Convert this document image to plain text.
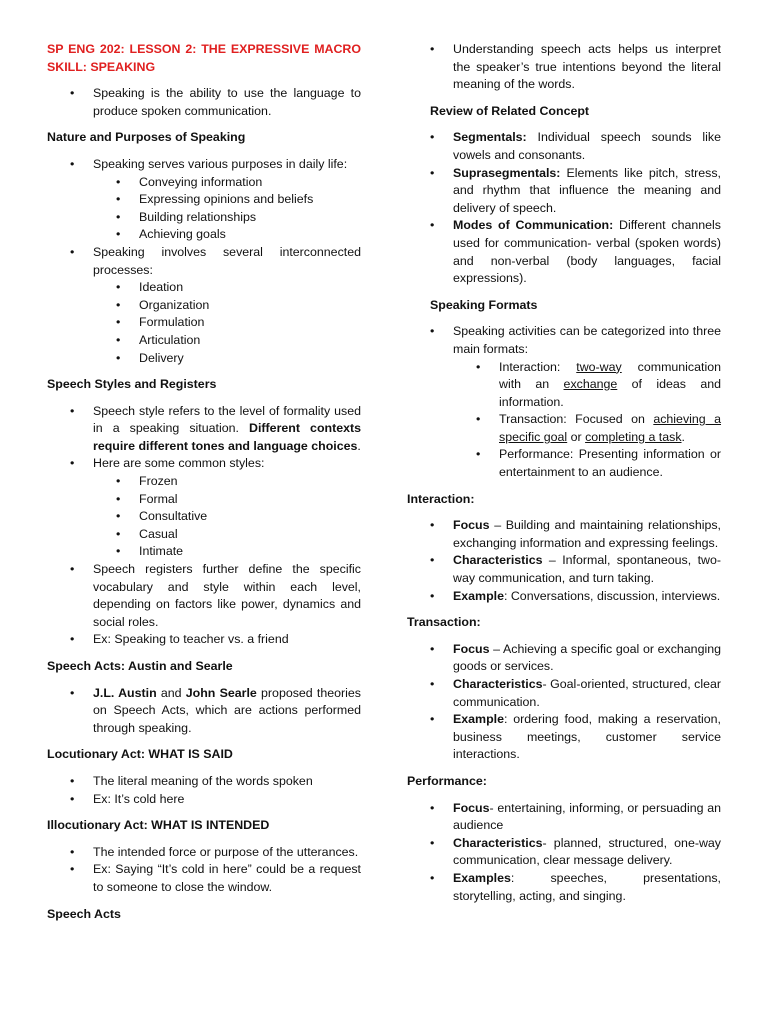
SP ENG 202: LESSON 2: THE EXPRESSIVE MACRO SKILL: SPEAKING

• Speaking is the ability to use the language to produce spoken communication.

Nature and Purposes of Speaking

• Speaking serves various purposes in daily life:
• Conveying information
• Expressing opinions and beliefs
• Building relationships
• Achieving goals
• Speaking involves several interconnected processes:
• Ideation
• Organization
• Formulation
• Articulation
• Delivery

Speech Styles and Registers

• Speech style refers to the level of formality used in a speaking situation. Different contexts require different tones and language choices.
• Here are some common styles:
• Frozen
• Formal
• Consultative
• Casual
• Intimate
• Speech registers further define the specific vocabulary and style within each level, depending on factors like power, dynamics and social roles.
• Ex: Speaking to teacher vs. a friend

Speech Acts: Austin and Searle

• J.L. Austin and John Searle proposed theories on Speech Acts, which are actions performed through speaking.

Locutionary Act: WHAT IS SAID

• The literal meaning of the words spoken
• Ex: It’s cold here

Illocutionary Act: WHAT IS INTENDED

• The intended force or purpose of the utterances.
• Ex: Saying “It’s cold in here” could be a request to someone to close the window.

Speech Acts

• Understanding speech acts helps us interpret the speaker’s true intentions beyond the literal meaning of the words.

Review of Related Concept

• Segmentals: Individual speech sounds like vowels and consonants.
• Suprasegmentals: Elements like pitch, stress, and rhythm that influence the meaning and delivery of speech.
• Modes of Communication: Different channels used for communication- verbal (spoken words) and non-verbal (body languages, facial expressions).

Speaking Formats

• Speaking activities can be categorized into three main formats:
• Interaction: two-way communication with an exchange of ideas and information.
• Transaction: Focused on achieving a specific goal or completing a task.
• Performance: Presenting information or entertainment to an audience.

Interaction:

• Focus – Building and maintaining relationships, exchanging information and expressing feelings.
• Characteristics – Informal, spontaneous, two-way communication, and turn taking.
• Example: Conversations, discussion, interviews.

Transaction:

• Focus – Achieving a specific goal or exchanging goods or services.
• Characteristics- Goal-oriented, structured, clear communication.
• Example: ordering food, making a reservation, business meetings, customer service interactions.

Performance:

• Focus- entertaining, informing, or persuading an audience
• Characteristics- planned, structured, one-way communication, clear message delivery.
• Examples: speeches, presentations, storytelling, acting, and singing.
